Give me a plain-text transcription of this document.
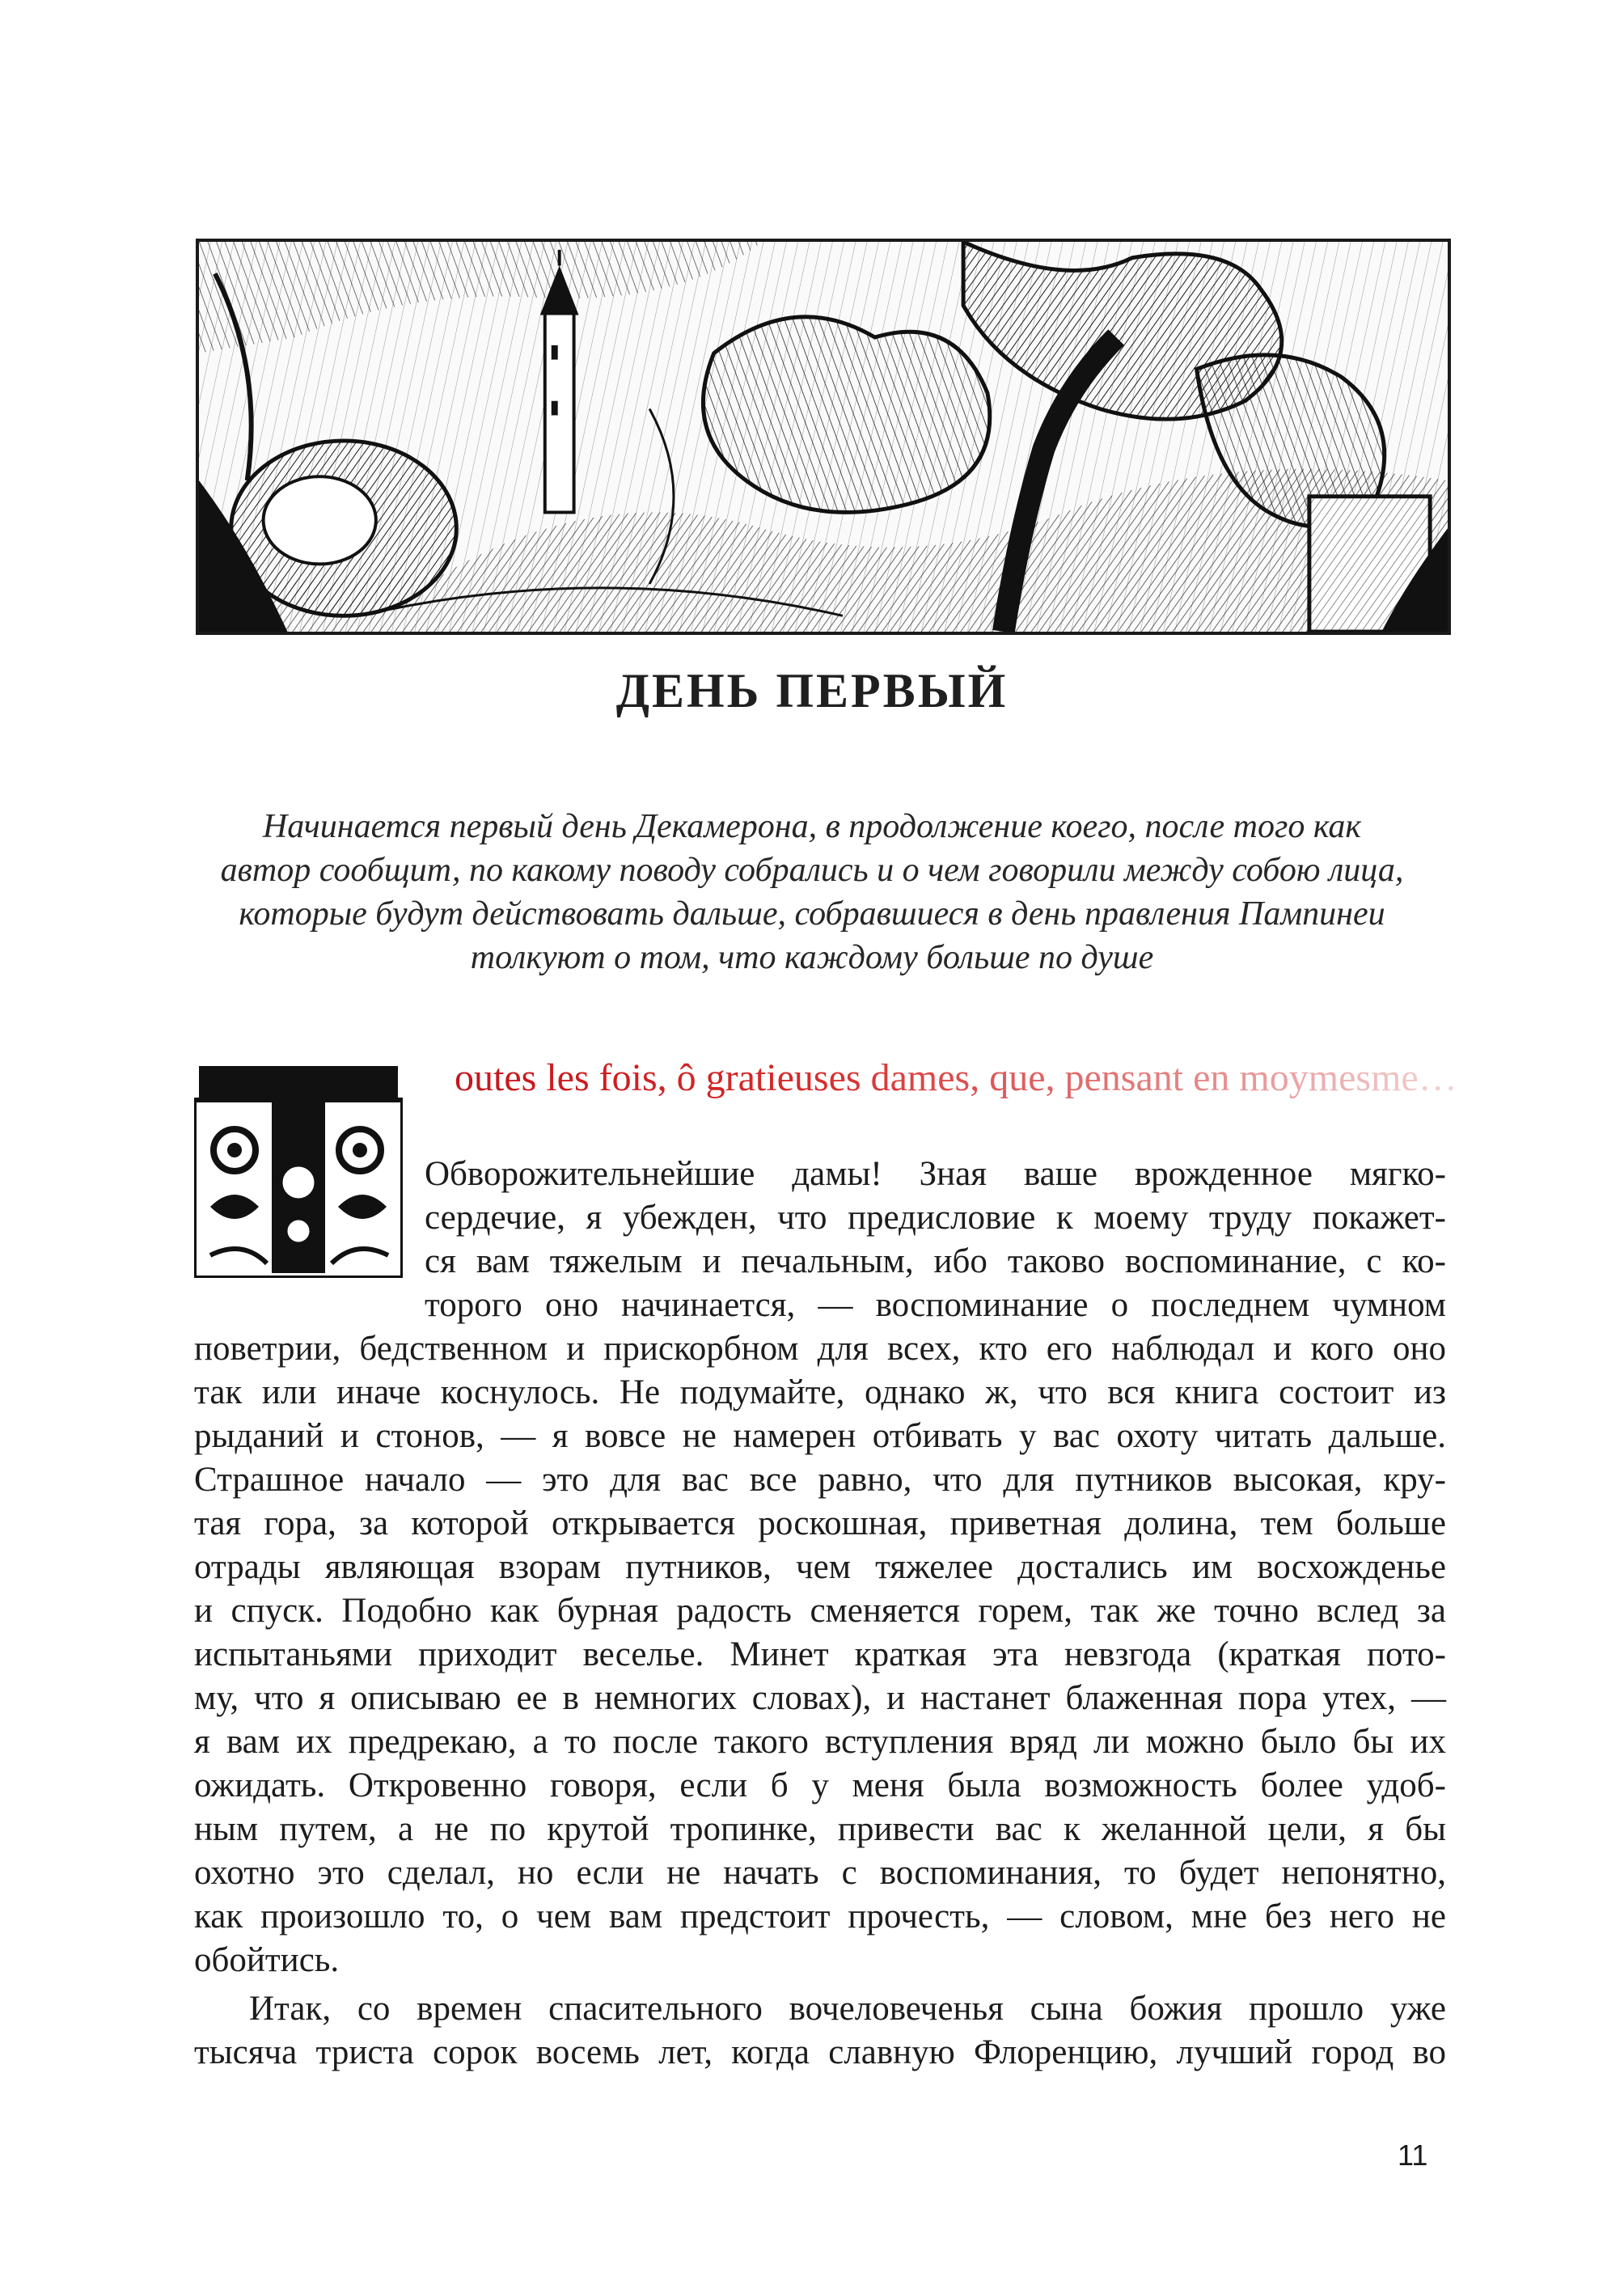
ДЕНЬ ПЕРВЫЙ
Начинается первый день Декамерона, в продолжение коего, после того как
автор сообщит, по какому поводу собрались и о чем говорили между собою лица,
которые будут действовать дальше, собравшиеся в день правления Пампинеи
толкуют о том, что каждому больше по душе
outes les fois, ô gratieuses dames, que, pensant en moymesme…

Обворожительнейшие дамы! Зная ваше врожденное мягко-
сердечие, я убежден, что предисловие к моему труду покажет-
ся вам тяжелым и печальным, ибо таково воспоминание, с ко-
торого оно начинается, — воспоминание о последнем чумном
поветрии, бедственном и прискорбном для всех, кто его наблюдал и кого оно
так или иначе коснулось. Не подумайте, однако ж, что вся книга состоит из
рыданий и стонов, — я вовсе не намерен отбивать у вас охоту читать дальше.
Страшное начало — это для вас все равно, что для путников высокая, кру-
тая гора, за которой открывается роскошная, приветная долина, тем больше
отрады являющая взорам путников, чем тяжелее достались им восхожденье
и спуск. Подобно как бурная радость сменяется горем, так же точно вслед за
испытаньями приходит веселье. Минет краткая эта невзгода (краткая пото-
му, что я описываю ее в немногих словах), и настанет блаженная пора утех, —
я вам их предрекаю, а то после такого вступления вряд ли можно было бы их
ожидать. Откровенно говоря, если б у меня была возможность более удоб-
ным путем, а не по крутой тропинке, привести вас к желанной цели, я бы
охотно это сделал, но если не начать с воспоминания, то будет непонятно,
как произошло то, о чем вам предстоит прочесть, — словом, мне без него не
обойтись.

Итак, со времен спасительного вочеловеченья сына божия прошло уже
тысяча триста сорок восемь лет, когда славную Флоренцию, лучший город во

11
